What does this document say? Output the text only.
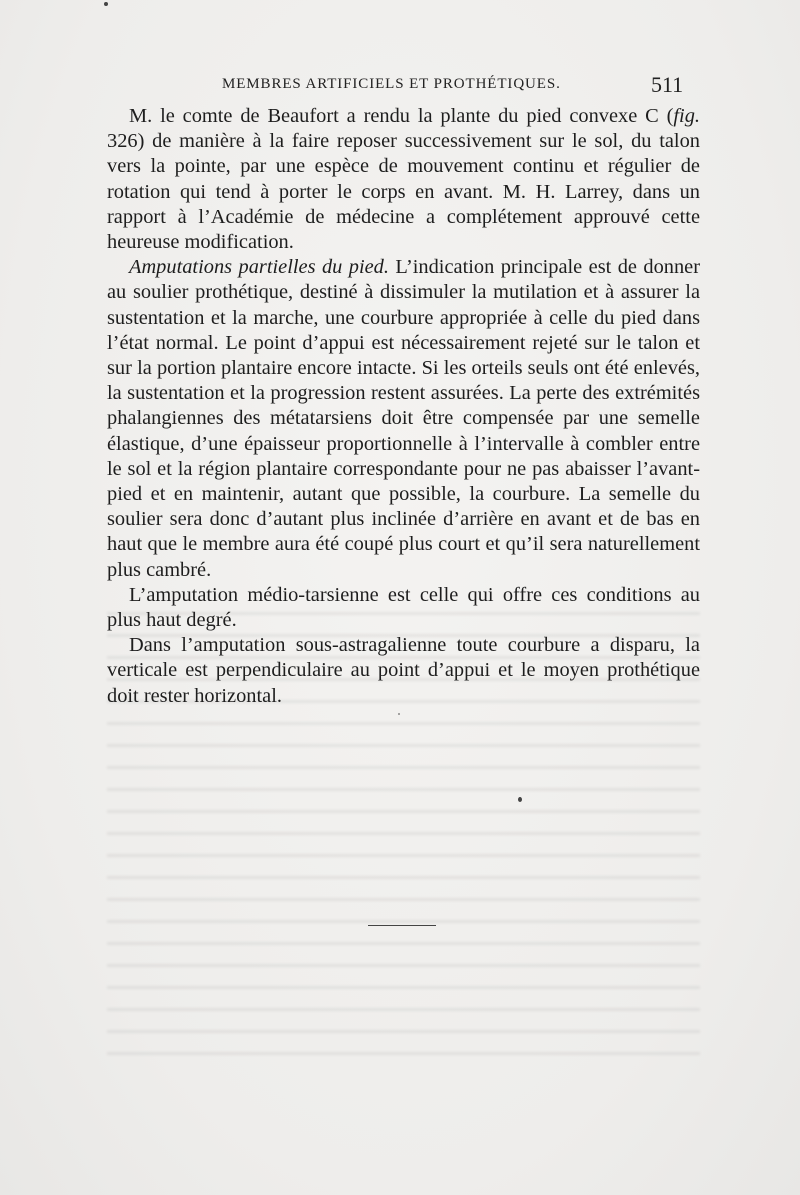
MEMBRES ARTIFICIELS ET PROTHÉTIQUES.	511

M. le comte de Beaufort a rendu la plante du pied convexe C (fig. 326) de manière à la faire reposer successivement sur le sol, du talon vers la pointe, par une espèce de mouvement continu et régulier de rotation qui tend à porter le corps en avant. M. H. Larrey, dans un rapport à l’Académie de médecine a complétement approuvé cette heureuse modification.

Amputations partielles du pied. L’indication principale est de donner au soulier prothétique, destiné à dissimuler la mutilation et à assurer la sustentation et la marche, une courbure appropriée à celle du pied dans l’état normal. Le point d’appui est nécessairement rejeté sur le talon et sur la portion plantaire encore intacte. Si les orteils seuls ont été enlevés, la sustentation et la progression restent assurées. La perte des extrémités phalangiennes des métatarsiens doit être compensée par une semelle élastique, d’une épaisseur proportionnelle à l’intervalle à combler entre le sol et la région plantaire correspondante pour ne pas abaisser l’avant-pied et en maintenir, autant que possible, la courbure. La semelle du soulier sera donc d’autant plus inclinée d’arrière en avant et de bas en haut que le membre aura été coupé plus court et qu’il sera naturellement plus cambré.

L’amputation médio-tarsienne est celle qui offre ces conditions au plus haut degré.

Dans l’amputation sous-astragalienne toute courbure a disparu, la verticale est perpendiculaire au point d’appui et le moyen prothétique doit rester horizontal.
